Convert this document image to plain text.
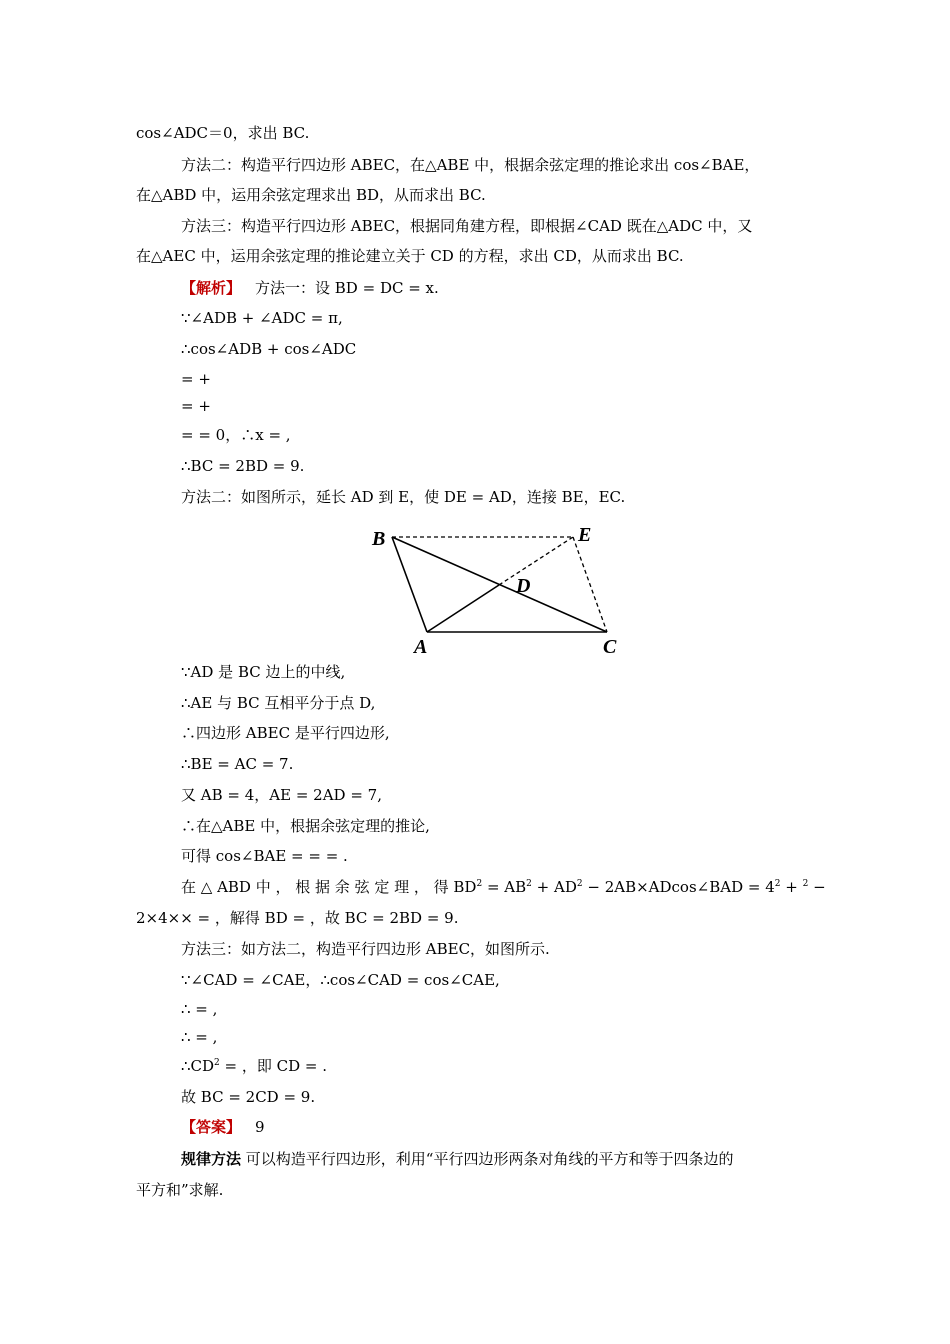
cos∠ADC＝0，求出 BC.
方法二：构造平行四边形 ABEC，在△ABE 中，根据余弦定理的推论求出 cos∠BAE，
在△ABD 中，运用余弦定理求出 BD，从而求出 BC.
方法三：构造平行四边形 ABEC，根据同角建方程，即根据∠CAD 既在△ADC 中，又
在△AEC 中，运用余弦定理的推论建立关于 CD 的方程，求出 CD，从而求出 BC.
【解析】 方法一：设 BD = DC = x.
∵∠ADB + ∠ADC = π,
∴cos∠ADB + cos∠ADC
= +
= +
= = 0，∴x = ,
∴BC = 2BD = 9.
方法二：如图所示，延长 AD 到 E，使 DE = AD，连接 BE，EC.
B	E
D
A	C
∵AD 是 BC 边上的中线,
∴AE 与 BC 互相平分于点 D,
∴四边形 ABEC 是平行四边形,
∴BE = AC = 7.
又 AB = 4，AE = 2AD = 7,
∴在△ABE 中，根据余弦定理的推论,
可得 cos∠BAE = = = .
在 △ ABD 中 ， 根 据 余 弦 定 理 ， 得 $BD^2 = AB^2 + AD^2$ − 2AB×ADcos∠BAD = $4^2 + ^2$ −
2×4×× = ，解得 BD = ，故 BC = 2BD = 9.
方法三：如方法二，构造平行四边形 ABEC，如图所示.
∵∠CAD = ∠CAE，∴cos∠CAD = cos∠CAE,
∴ = ,
∴ = ,
$\therefore CD^2$ = ，即 CD = .
故 BC = 2CD = 9.
【答案】 9
规律方法 可以构造平行四边形，利用“平行四边形两条对角线的平方和等于四条边的
平方和”求解.
